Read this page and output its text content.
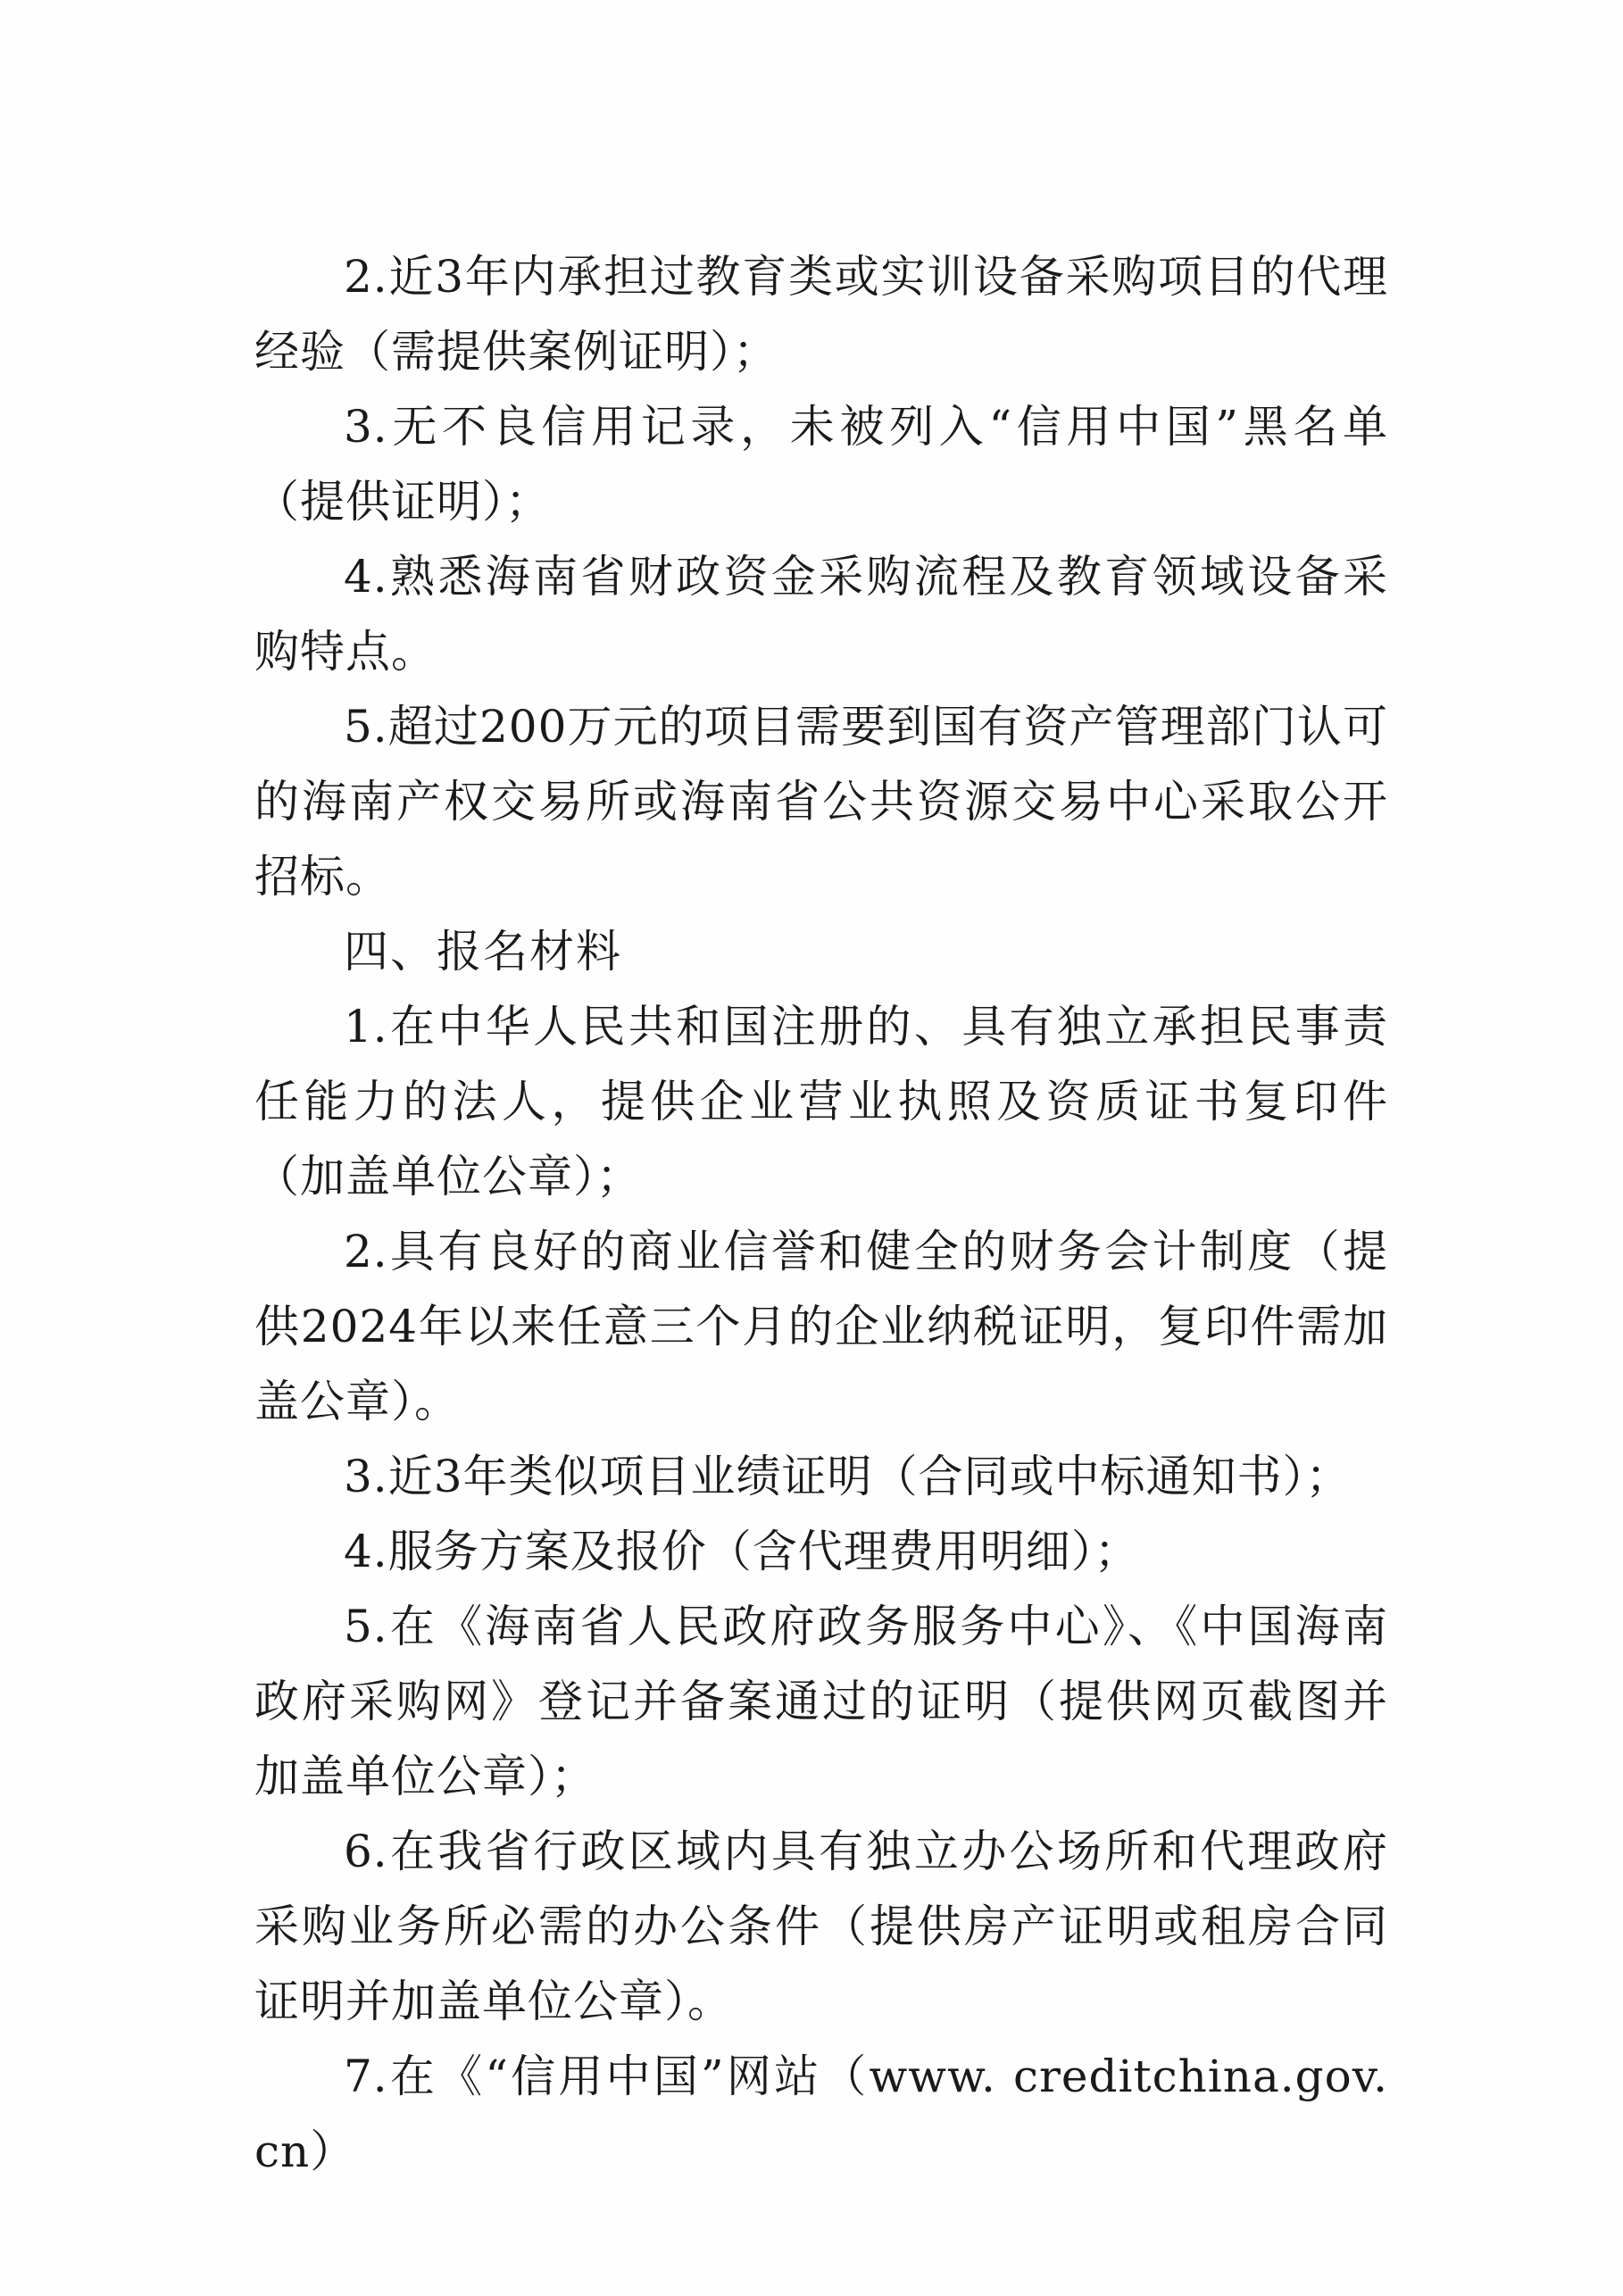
2.近3年内承担过教育类或实训设备采购项目的代理经验（需提供案例证明）；

3.无不良信用记录，未被列入“信用中国”黑名单（提供证明）；

4.熟悉海南省财政资金采购流程及教育领域设备采购特点。

5.超过200万元的项目需要到国有资产管理部门认可的海南产权交易所或海南省公共资源交易中心采取公开招标。

四、报名材料

1.在中华人民共和国注册的、具有独立承担民事责任能力的法人，提供企业营业执照及资质证书复印件（加盖单位公章）；

2.具有良好的商业信誉和健全的财务会计制度（提供2024年以来任意三个月的企业纳税证明，复印件需加盖公章）。

3.近3年类似项目业绩证明（合同或中标通知书）；

4.服务方案及报价（含代理费用明细）；

5.在《海南省人民政府政务服务中心》、《中国海南政府采购网》登记并备案通过的证明（提供网页截图并加盖单位公章）；

6.在我省行政区域内具有独立办公场所和代理政府采购业务所必需的办公条件（提供房产证明或租房合同证明并加盖单位公章）。

7.在《“信用中国”网站（www. creditchina.gov.cn）
